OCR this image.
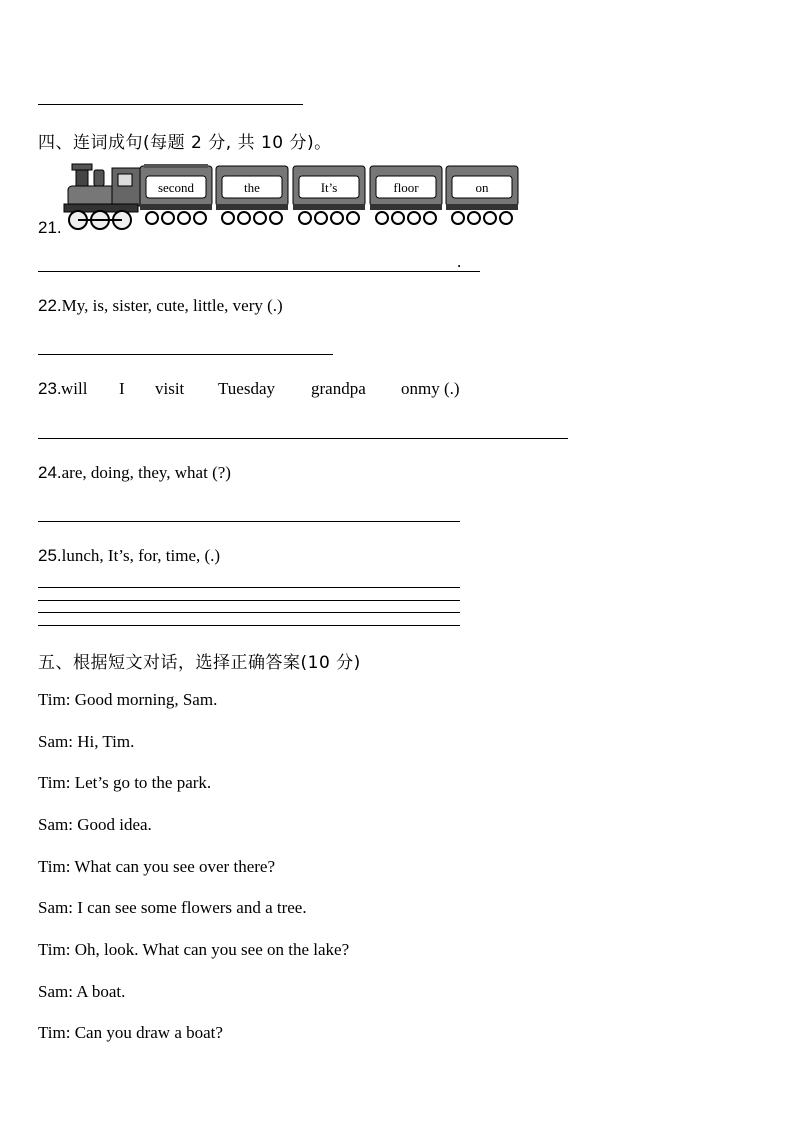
四、连词成句(每题 2 分, 共 10 分)。
21.
second	the	It’s	floor	on
.
22.My, is, sister, cute, little, very (.)
23. will I visit Tuesday grandpa onmy (.)
24.are, doing, they, what (?)
25.lunch, It’s, for, time, (.)
五、根据短文对话，选择正确答案(10 分)
Tim: Good morning, Sam.
Sam: Hi, Tim.
Tim: Let’s go to the park.
Sam: Good idea.
Tim: What can you see over there?
Sam: I can see some flowers and a tree.
Tim: Oh, look. What can you see on the lake?
Sam: A boat.
Tim: Can you draw a boat?
